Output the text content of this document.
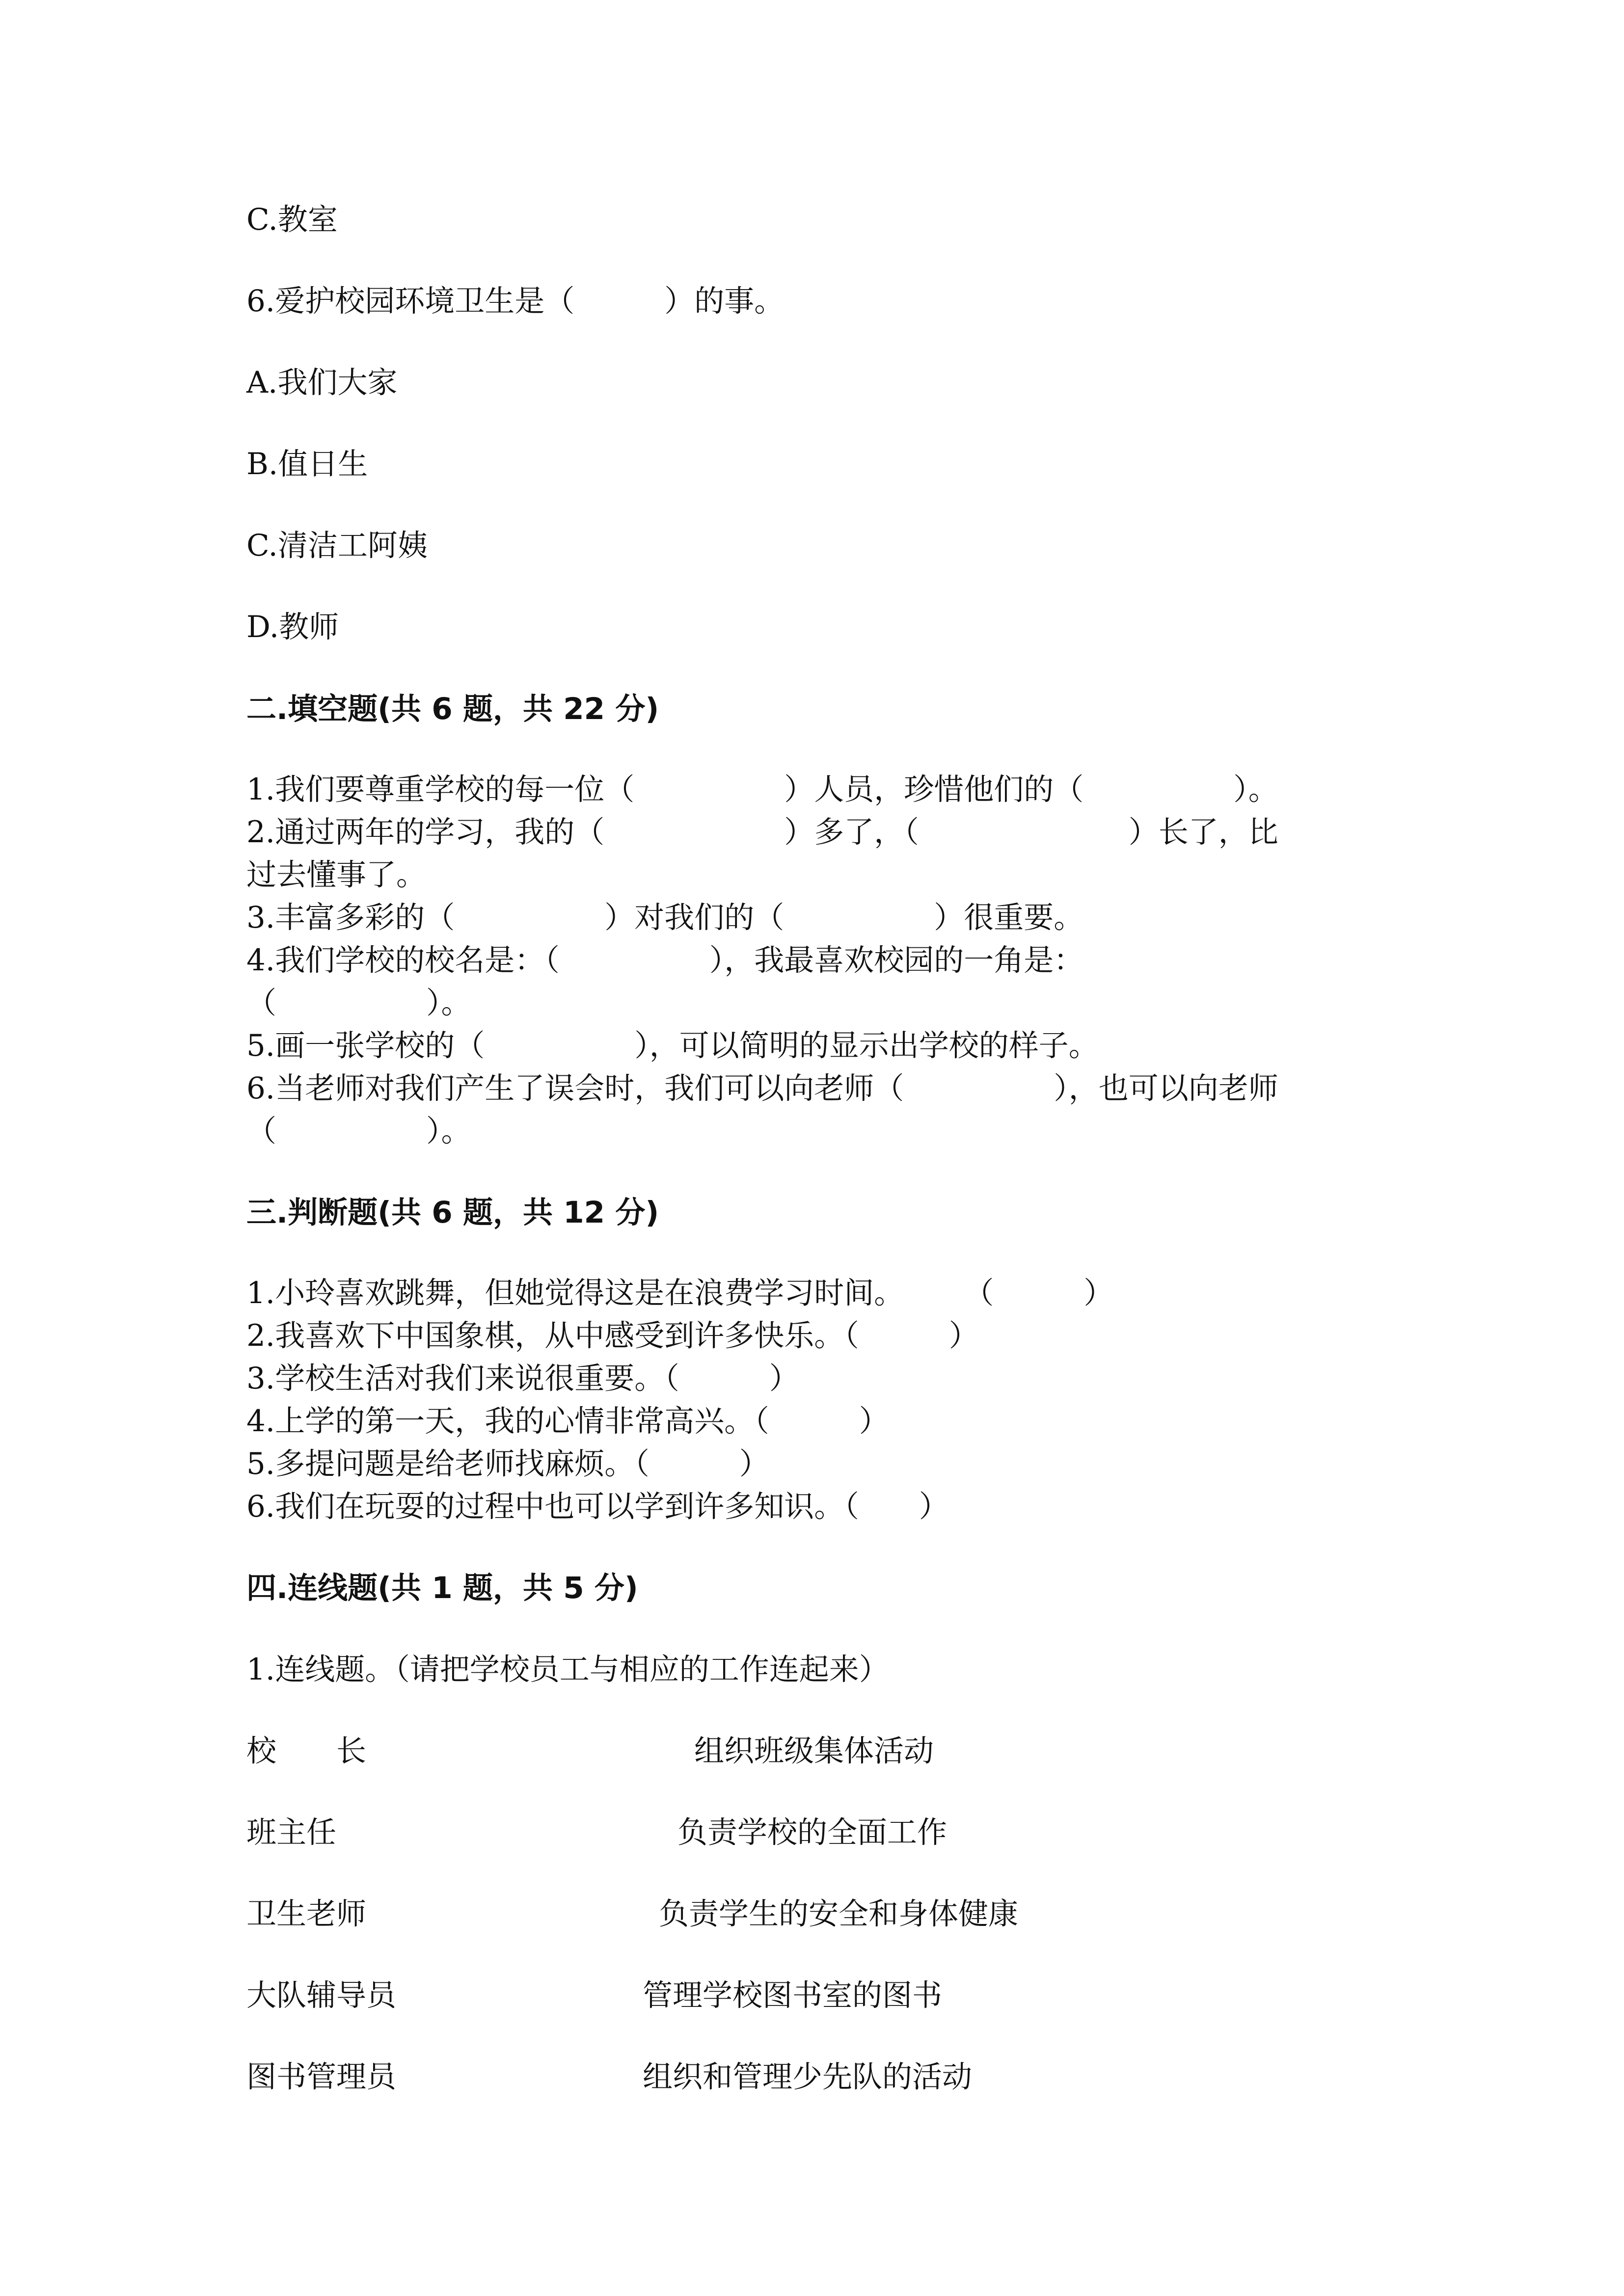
C.教室
6.爱护校园环境卫生是（　　　）的事。
A.我们大家
B.值日生
C.清洁工阿姨
D.教师
二.填空题(共 6 题，共 22 分)
1.我们要尊重学校的每一位（　　　　　）人员，珍惜他们的（　　　　　）。
2.通过两年的学习，我的（　　　　　　）多了，（　　　　　　　）长了，比
过去懂事了。
3.丰富多彩的（　　　　　）对我们的（　　　　　）很重要。
4.我们学校的校名是：（　　　　　），我最喜欢校园的一角是：
（　　　　　）。
5.画一张学校的（　　　　　），可以简明的显示出学校的样子。
6.当老师对我们产生了误会时，我们可以向老师（　　　　　），也可以向老师
（　　　　　）。
三.判断题(共 6 题，共 12 分)
1.小玲喜欢跳舞，但她觉得这是在浪费学习时间。　　　（　　　）
2.我喜欢下中国象棋，从中感受到许多快乐。（　　　）
3.学校生活对我们来说很重要。（　　　）
4.上学的第一天，我的心情非常高兴。（　　　）
5.多提问题是给老师找麻烦。（　　　）
6.我们在玩耍的过程中也可以学到许多知识。（　　）
四.连线题(共 1 题，共 5 分)
1.连线题。（请把学校员工与相应的工作连起来）
校　　长	组织班级集体活动
班主任	负责学校的全面工作
卫生老师	负责学生的安全和身体健康
大队辅导员	管理学校图书室的图书
图书管理员	组织和管理少先队的活动
